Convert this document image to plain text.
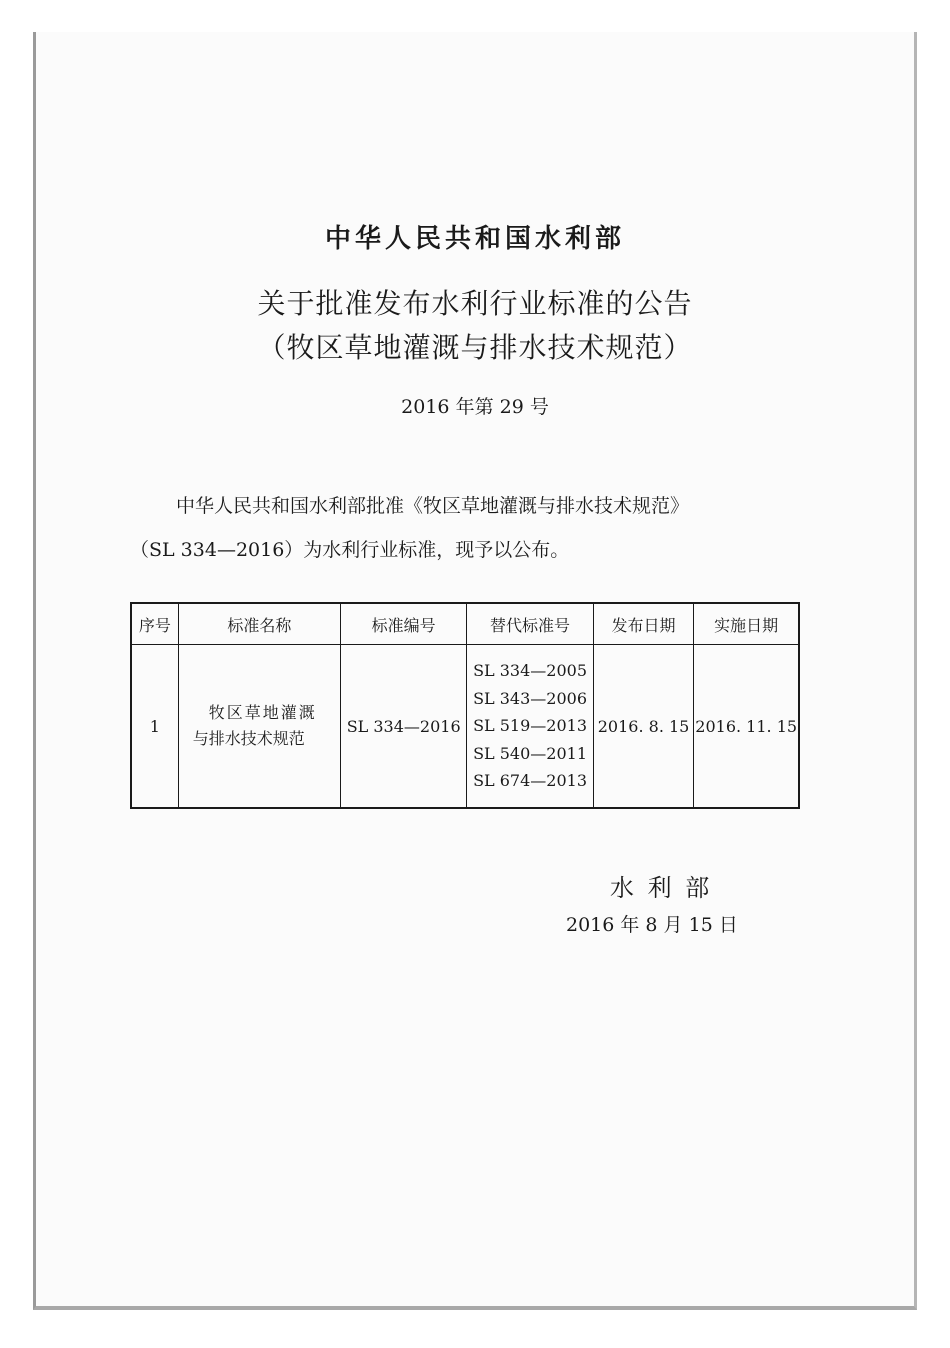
中华人民共和国水利部
关于批准发布水利行业标准的公告
（牧区草地灌溉与排水技术规范）
2016 年第 29 号
中华人民共和国水利部批准《牧区草地灌溉与排水技术规范》
（SL 334—2016）为水利行业标准，现予以公布。
序号	标准名称	标准编号	替代标准号	发布日期	实施日期
1	牧区草地灌溉
与排水技术规范	SL 334—2016	SL 334—2005
SL 343—2006
SL 519—2013
SL 540—2011
SL 674—2013	2016. 8. 15	2016. 11. 15
水 利 部
2016 年 8 月 15 日
